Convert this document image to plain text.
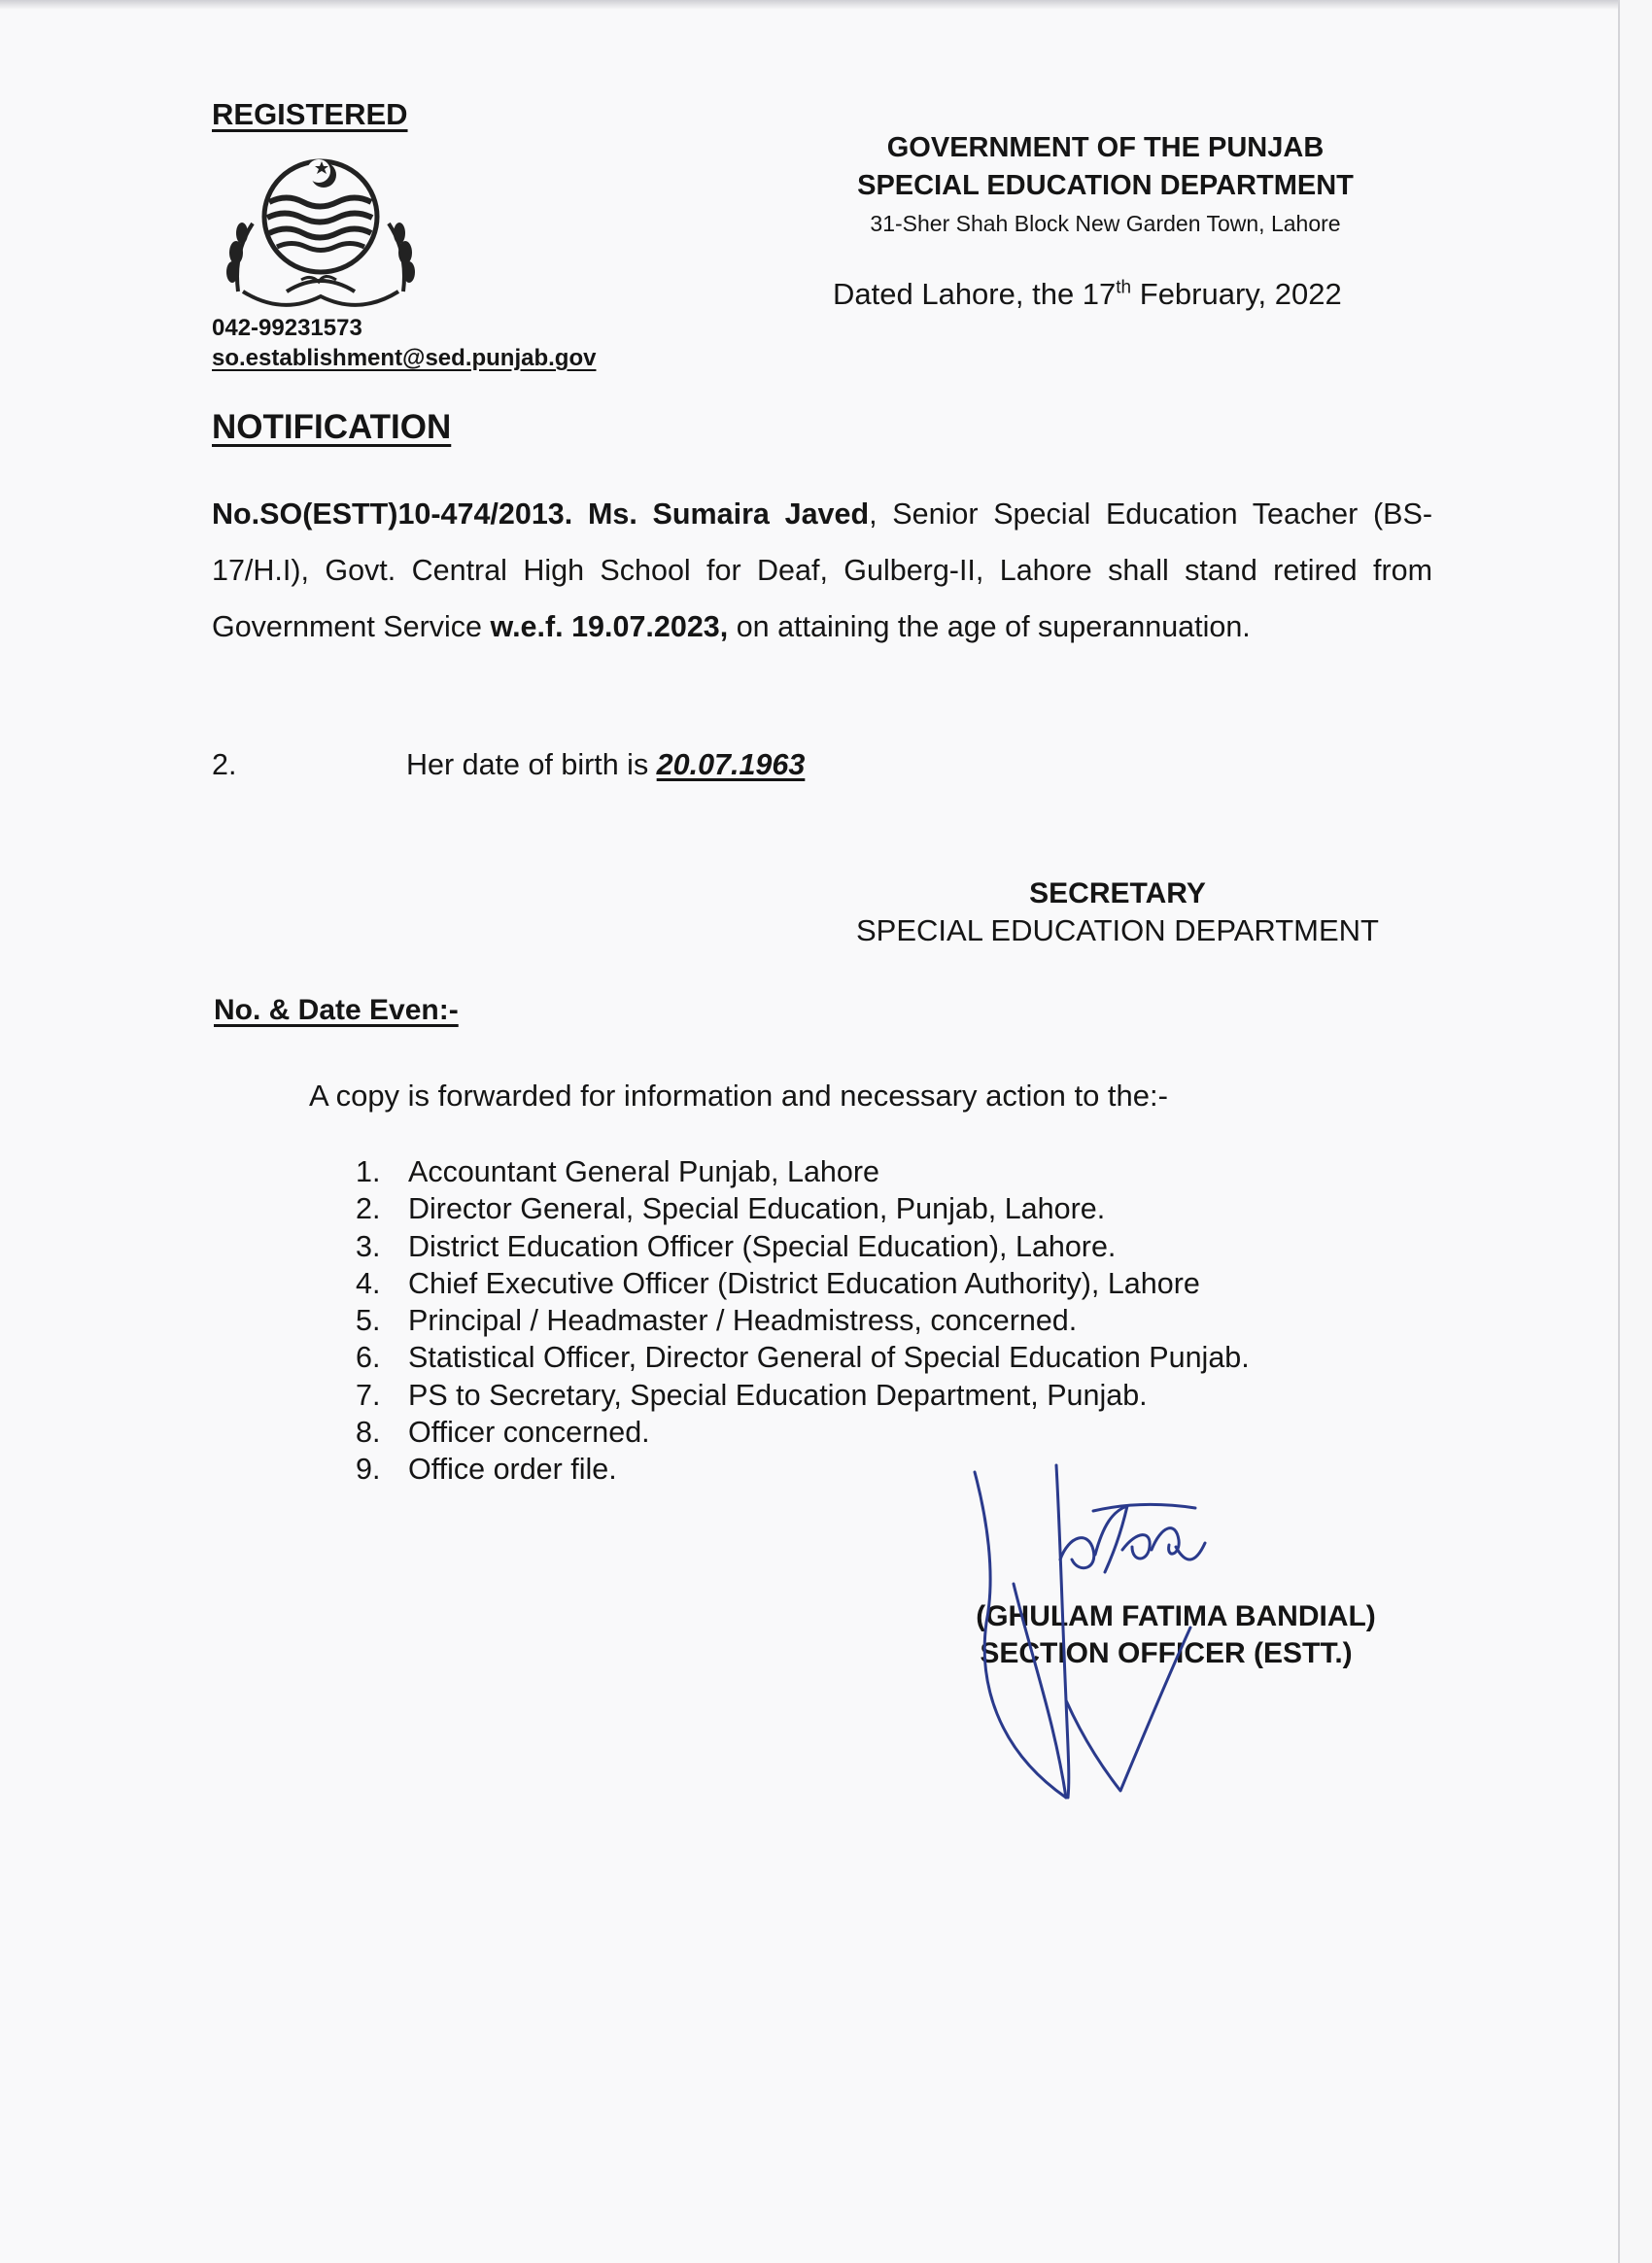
REGISTERED
042-99231573
so.establishment@sed.punjab.gov
GOVERNMENT OF THE PUNJAB
SPECIAL EDUCATION DEPARTMENT
31-Sher Shah Block New Garden Town, Lahore
Dated Lahore, the 17th February, 2022
NOTIFICATION
No.SO(ESTT)10-474/2013. Ms. Sumaira Javed, Senior Special Education Teacher (BS-17/H.I), Govt. Central High School for Deaf, Gulberg-II, Lahore shall stand retired from Government Service w.e.f. 19.07.2023, on attaining the age of superannuation.
2.	Her date of birth is 20.07.1963
SECRETARY
SPECIAL EDUCATION DEPARTMENT
No. & Date Even:-
A copy is forwarded for information and necessary action to the:-
1. Accountant General Punjab, Lahore
2. Director General, Special Education, Punjab, Lahore.
3. District Education Officer (Special Education), Lahore.
4. Chief Executive Officer (District Education Authority), Lahore
5. Principal / Headmaster / Headmistress, concerned.
6. Statistical Officer, Director General of Special Education Punjab.
7. PS to Secretary, Special Education Department, Punjab.
8. Officer concerned.
9. Office order file.
(GHULAM FATIMA BANDIAL)
SECTION OFFICER (ESTT.)
